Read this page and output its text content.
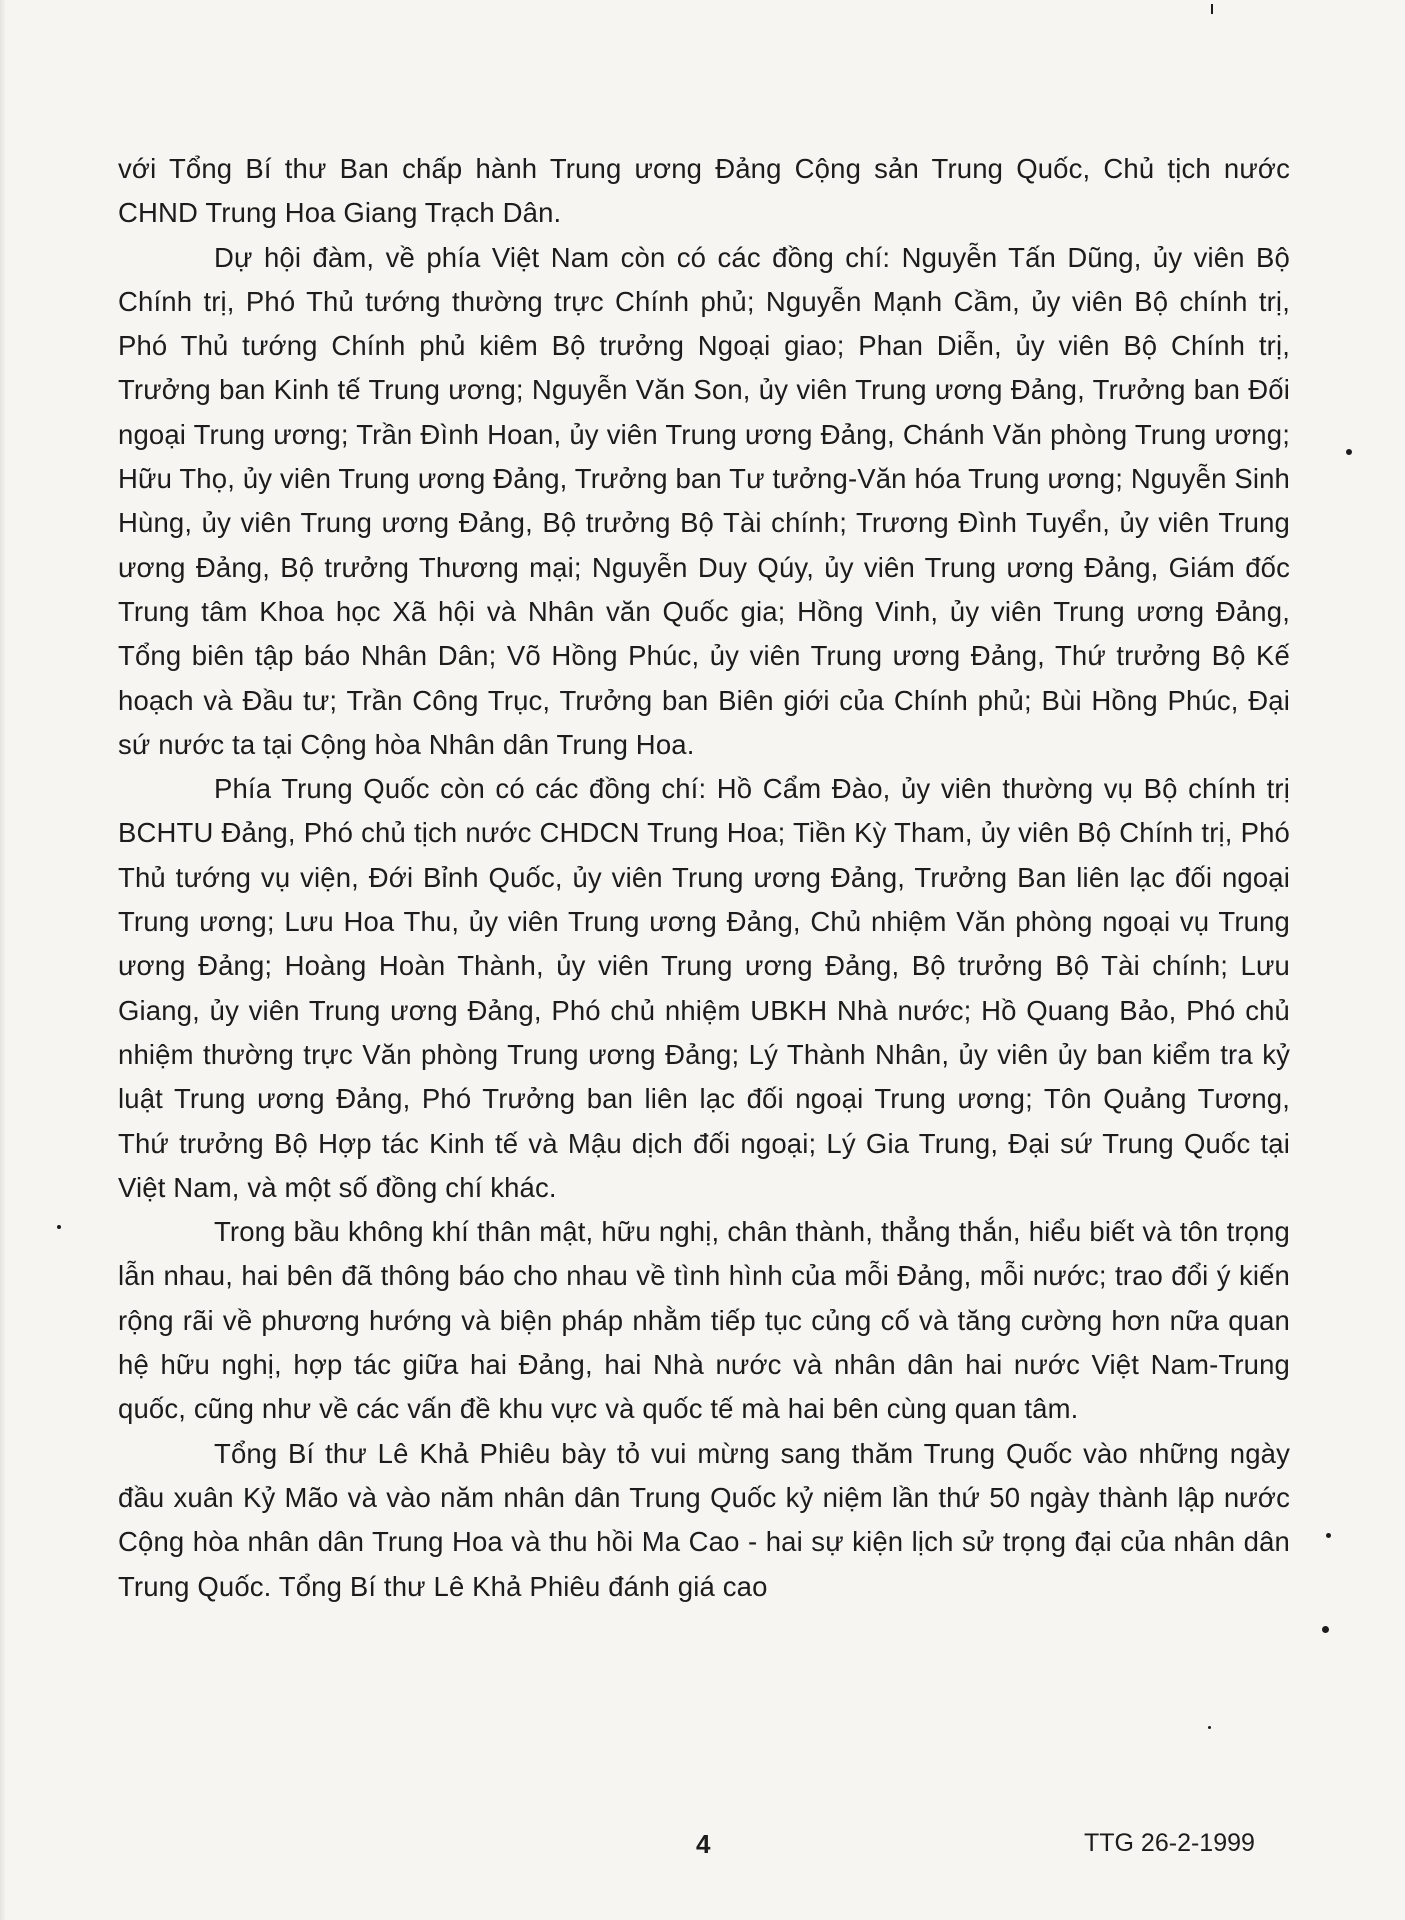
với Tổng Bí thư Ban chấp hành Trung ương Đảng Cộng sản Trung Quốc, Chủ tịch nước CHND Trung Hoa Giang Trạch Dân.

Dự hội đàm, về phía Việt Nam còn có các đồng chí: Nguyễn Tấn Dũng, ủy viên Bộ Chính trị, Phó Thủ tướng thường trực Chính phủ; Nguyễn Mạnh Cầm, ủy viên Bộ chính trị, Phó Thủ tướng Chính phủ kiêm Bộ trưởng Ngoại giao; Phan Diễn, ủy viên Bộ Chính trị, Trưởng ban Kinh tế Trung ương; Nguyễn Văn Son, ủy viên Trung ương Đảng, Trưởng ban Đối ngoại Trung ương; Trần Đình Hoan, ủy viên Trung ương Đảng, Chánh Văn phòng Trung ương; Hữu Thọ, ủy viên Trung ương Đảng, Trưởng ban Tư tưởng-Văn hóa Trung ương; Nguyễn Sinh Hùng, ủy viên Trung ương Đảng, Bộ trưởng Bộ Tài chính; Trương Đình Tuyển, ủy viên Trung ương Đảng, Bộ trưởng Thương mại; Nguyễn Duy Qúy, ủy viên Trung ương Đảng, Giám đốc Trung tâm Khoa học Xã hội và Nhân văn Quốc gia; Hồng Vinh, ủy viên Trung ương Đảng, Tổng biên tập báo Nhân Dân; Võ Hồng Phúc, ủy viên Trung ương Đảng, Thứ trưởng Bộ Kế hoạch và Đầu tư; Trần Công Trục, Trưởng ban Biên giới của Chính phủ; Bùi Hồng Phúc, Đại sứ nước ta tại Cộng hòa Nhân dân Trung Hoa.

Phía Trung Quốc còn có các đồng chí: Hồ Cẩm Đào, ủy viên thường vụ Bộ chính trị BCHTU Đảng, Phó chủ tịch nước CHDCN Trung Hoa; Tiền Kỳ Tham, ủy viên Bộ Chính trị, Phó Thủ tướng vụ viện, Đới Bỉnh Quốc, ủy viên Trung ương Đảng, Trưởng Ban liên lạc đối ngoại Trung ương; Lưu Hoa Thu, ủy viên Trung ương Đảng, Chủ nhiệm Văn phòng ngoại vụ Trung ương Đảng; Hoàng Hoàn Thành, ủy viên Trung ương Đảng, Bộ trưởng Bộ Tài chính; Lưu Giang, ủy viên Trung ương Đảng, Phó chủ nhiệm UBKH Nhà nước; Hồ Quang Bảo, Phó chủ nhiệm thường trực Văn phòng Trung ương Đảng; Lý Thành Nhân, ủy viên ủy ban kiểm tra kỷ luật Trung ương Đảng, Phó Trưởng ban liên lạc đối ngoại Trung ương; Tôn Quảng Tương, Thứ trưởng Bộ Hợp tác Kinh tế và Mậu dịch đối ngoại; Lý Gia Trung, Đại sứ Trung Quốc tại Việt Nam, và một số đồng chí khác.

Trong bầu không khí thân mật, hữu nghị, chân thành, thẳng thắn, hiểu biết và tôn trọng lẫn nhau, hai bên đã thông báo cho nhau về tình hình của mỗi Đảng, mỗi nước; trao đổi ý kiến rộng rãi về phương hướng và biện pháp nhằm tiếp tục củng cố và tăng cường hơn nữa quan hệ hữu nghị, hợp tác giữa hai Đảng, hai Nhà nước và nhân dân hai nước Việt Nam-Trung quốc, cũng như về các vấn đề khu vực và quốc tế mà hai bên cùng quan tâm.

Tổng Bí thư Lê Khả Phiêu bày tỏ vui mừng sang thăm Trung Quốc vào những ngày đầu xuân Kỷ Mão và vào năm nhân dân Trung Quốc kỷ niệm lần thứ 50 ngày thành lập nước Cộng hòa nhân dân Trung Hoa và thu hồi Ma Cao - hai sự kiện lịch sử trọng đại của nhân dân Trung Quốc. Tổng Bí thư Lê Khả Phiêu đánh giá cao

4	TTG 26-2-1999
